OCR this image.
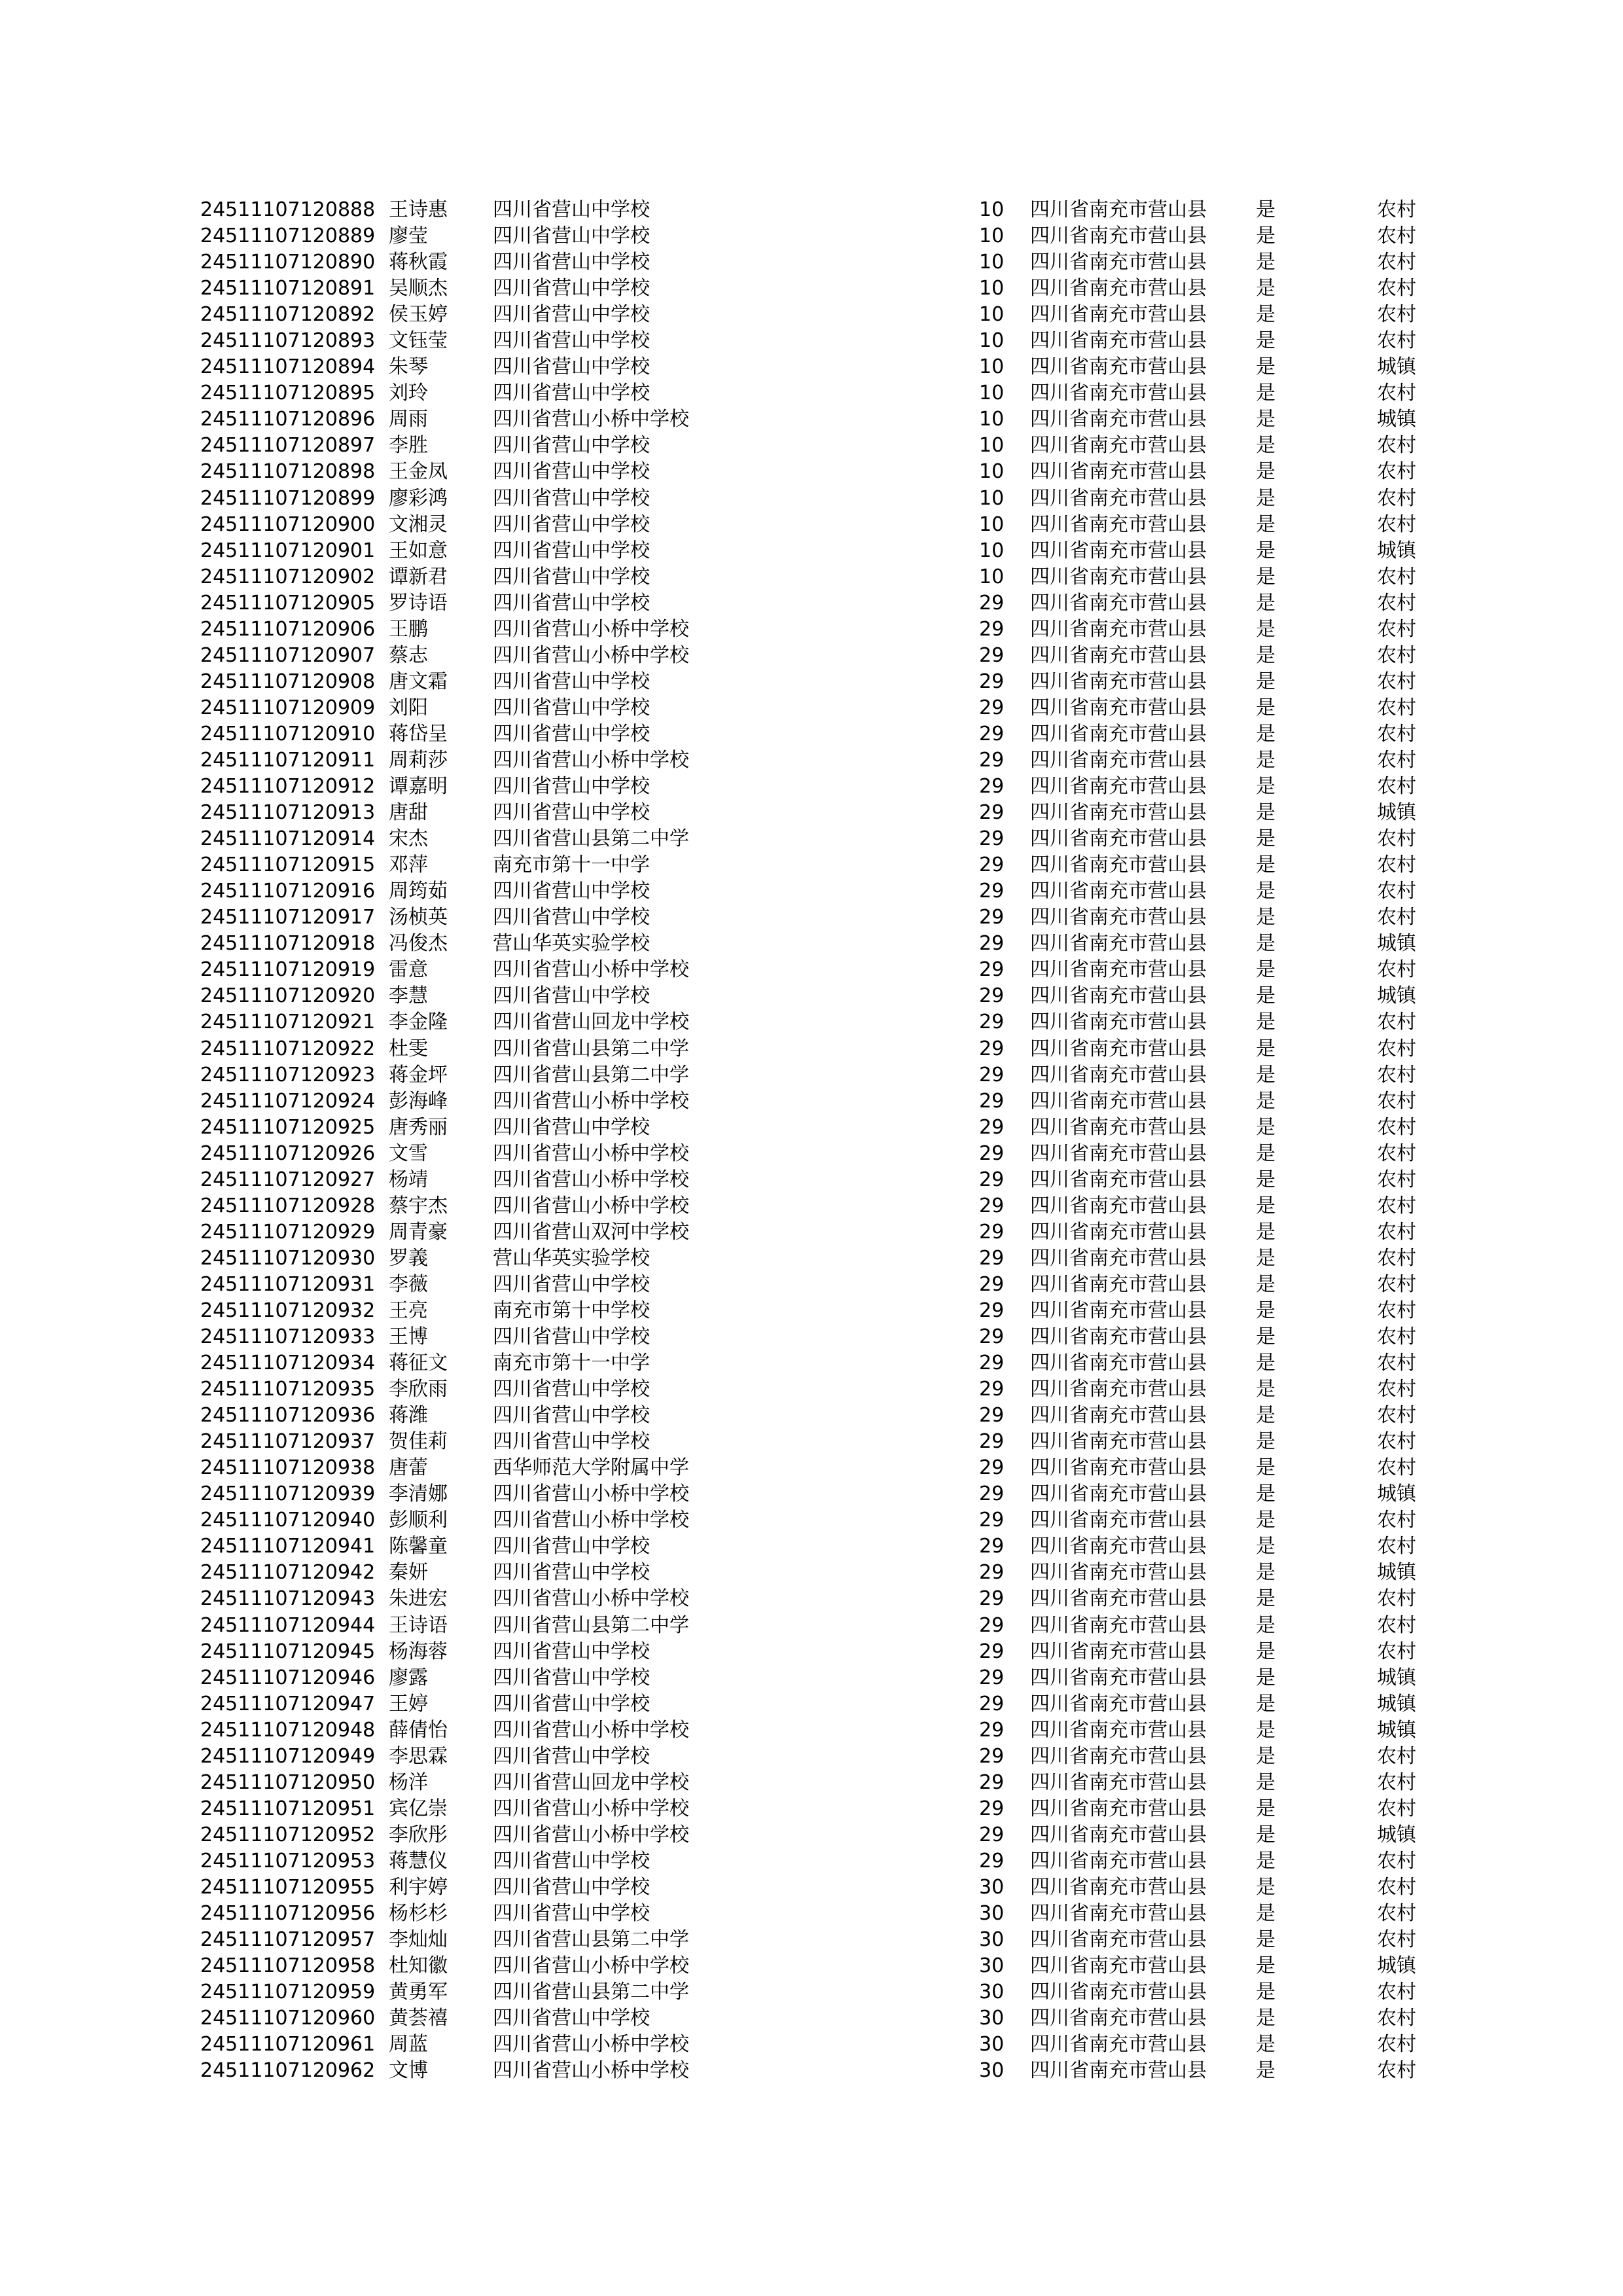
24511107120888 王诗惠 四川省营山中学校	10 四川省南充市营山县	是	农村
24511107120889 廖莹	四川省营山中学校	10 四川省南充市营山县	是	农村
24511107120890 蒋秋霞 四川省营山中学校	10 四川省南充市营山县	是	农村
24511107120891 吴顺杰 四川省营山中学校	10 四川省南充市营山县	是	农村
24511107120892 侯玉婷 四川省营山中学校	10 四川省南充市营山县	是	农村
24511107120893 文钰莹 四川省营山中学校	10 四川省南充市营山县	是	农村
24511107120894 朱琴	四川省营山中学校	10 四川省南充市营山县	是	城镇
24511107120895 刘玲	四川省营山中学校	10 四川省南充市营山县	是	农村
24511107120896 周雨	四川省营山小桥中学校	10 四川省南充市营山县	是	城镇
24511107120897 李胜	四川省营山中学校	10 四川省南充市营山县	是	农村
24511107120898 王金凤 四川省营山中学校	10 四川省南充市营山县	是	农村
24511107120899 廖彩鸿 四川省营山中学校	10 四川省南充市营山县	是	农村
24511107120900 文湘灵 四川省营山中学校	10 四川省南充市营山县	是	农村
24511107120901 王如意 四川省营山中学校	10 四川省南充市营山县	是	城镇
24511107120902 谭新君 四川省营山中学校	10 四川省南充市营山县	是	农村
24511107120905 罗诗语 四川省营山中学校	29 四川省南充市营山县	是	农村
24511107120906 王鹏	四川省营山小桥中学校	29 四川省南充市营山县	是	农村
24511107120907 蔡志	四川省营山小桥中学校	29 四川省南充市营山县	是	农村
24511107120908 唐文霜 四川省营山中学校	29 四川省南充市营山县	是	农村
24511107120909 刘阳	四川省营山中学校	29 四川省南充市营山县	是	农村
24511107120910 蒋岱呈 四川省营山中学校	29 四川省南充市营山县	是	农村
24511107120911 周莉莎 四川省营山小桥中学校	29 四川省南充市营山县	是	农村
24511107120912 谭嘉明 四川省营山中学校	29 四川省南充市营山县	是	农村
24511107120913 唐甜	四川省营山中学校	29 四川省南充市营山县	是	城镇
24511107120914 宋杰	四川省营山县第二中学	29 四川省南充市营山县	是	农村
24511107120915 邓萍	南充市第十一中学	29 四川省南充市营山县	是	农村
24511107120916 周筠茹 四川省营山中学校	29 四川省南充市营山县	是	农村
24511107120917 汤桢英 四川省营山中学校	29 四川省南充市营山县	是	农村
24511107120918 冯俊杰 营山华英实验学校	29 四川省南充市营山县	是	城镇
24511107120919 雷意	四川省营山小桥中学校	29 四川省南充市营山县	是	农村
24511107120920 李慧	四川省营山中学校	29 四川省南充市营山县	是	城镇
24511107120921 李金隆 四川省营山回龙中学校	29 四川省南充市营山县	是	农村
24511107120922 杜雯	四川省营山县第二中学	29 四川省南充市营山县	是	农村
24511107120923 蒋金坪 四川省营山县第二中学	29 四川省南充市营山县	是	农村
24511107120924 彭海峰 四川省营山小桥中学校	29 四川省南充市营山县	是	农村
24511107120925 唐秀丽 四川省营山中学校	29 四川省南充市营山县	是	农村
24511107120926 文雪	四川省营山小桥中学校	29 四川省南充市营山县	是	农村
24511107120927 杨靖	四川省营山小桥中学校	29 四川省南充市营山县	是	农村
24511107120928 蔡宇杰 四川省营山小桥中学校	29 四川省南充市营山县	是	农村
24511107120929 周青豪 四川省营山双河中学校	29 四川省南充市营山县	是	农村
24511107120930 罗義	营山华英实验学校	29 四川省南充市营山县	是	农村
24511107120931 李薇	四川省营山中学校	29 四川省南充市营山县	是	农村
24511107120932 王亮	南充市第十中学校	29 四川省南充市营山县	是	农村
24511107120933 王博	四川省营山中学校	29 四川省南充市营山县	是	农村
24511107120934 蒋征文 南充市第十一中学	29 四川省南充市营山县	是	农村
24511107120935 李欣雨 四川省营山中学校	29 四川省南充市营山县	是	农村
24511107120936 蒋潍	四川省营山中学校	29 四川省南充市营山县	是	农村
24511107120937 贺佳莉 四川省营山中学校	29 四川省南充市营山县	是	农村
24511107120938 唐蕾	西华师范大学附属中学	29 四川省南充市营山县	是	农村
24511107120939 李清娜 四川省营山小桥中学校	29 四川省南充市营山县	是	城镇
24511107120940 彭顺利 四川省营山小桥中学校	29 四川省南充市营山县	是	农村
24511107120941 陈馨童 四川省营山中学校	29 四川省南充市营山县	是	农村
24511107120942 秦妍	四川省营山中学校	29 四川省南充市营山县	是	城镇
24511107120943 朱进宏 四川省营山小桥中学校	29 四川省南充市营山县	是	农村
24511107120944 王诗语 四川省营山县第二中学	29 四川省南充市营山县	是	农村
24511107120945 杨海蓉 四川省营山中学校	29 四川省南充市营山县	是	农村
24511107120946 廖露	四川省营山中学校	29 四川省南充市营山县	是	城镇
24511107120947 王婷	四川省营山中学校	29 四川省南充市营山县	是	城镇
24511107120948 薛倩怡 四川省营山小桥中学校	29 四川省南充市营山县	是	城镇
24511107120949 李思霖 四川省营山中学校	29 四川省南充市营山县	是	农村
24511107120950 杨洋	四川省营山回龙中学校	29 四川省南充市营山县	是	农村
24511107120951 宾亿崇 四川省营山小桥中学校	29 四川省南充市营山县	是	农村
24511107120952 李欣彤 四川省营山小桥中学校	29 四川省南充市营山县	是	城镇
24511107120953 蒋慧仪 四川省营山中学校	29 四川省南充市营山县	是	农村
24511107120955 利宇婷 四川省营山中学校	30 四川省南充市营山县	是	农村
24511107120956 杨杉杉 四川省营山中学校	30 四川省南充市营山县	是	农村
24511107120957 李灿灿 四川省营山县第二中学	30 四川省南充市营山县	是	农村
24511107120958 杜知徽 四川省营山小桥中学校	30 四川省南充市营山县	是	城镇
24511107120959 黄勇军 四川省营山县第二中学	30 四川省南充市营山县	是	农村
24511107120960 黄荟禧 四川省营山中学校	30 四川省南充市营山县	是	农村
24511107120961 周蓝	四川省营山小桥中学校	30 四川省南充市营山县	是	农村
24511107120962 文博	四川省营山小桥中学校	30 四川省南充市营山县	是	农村
